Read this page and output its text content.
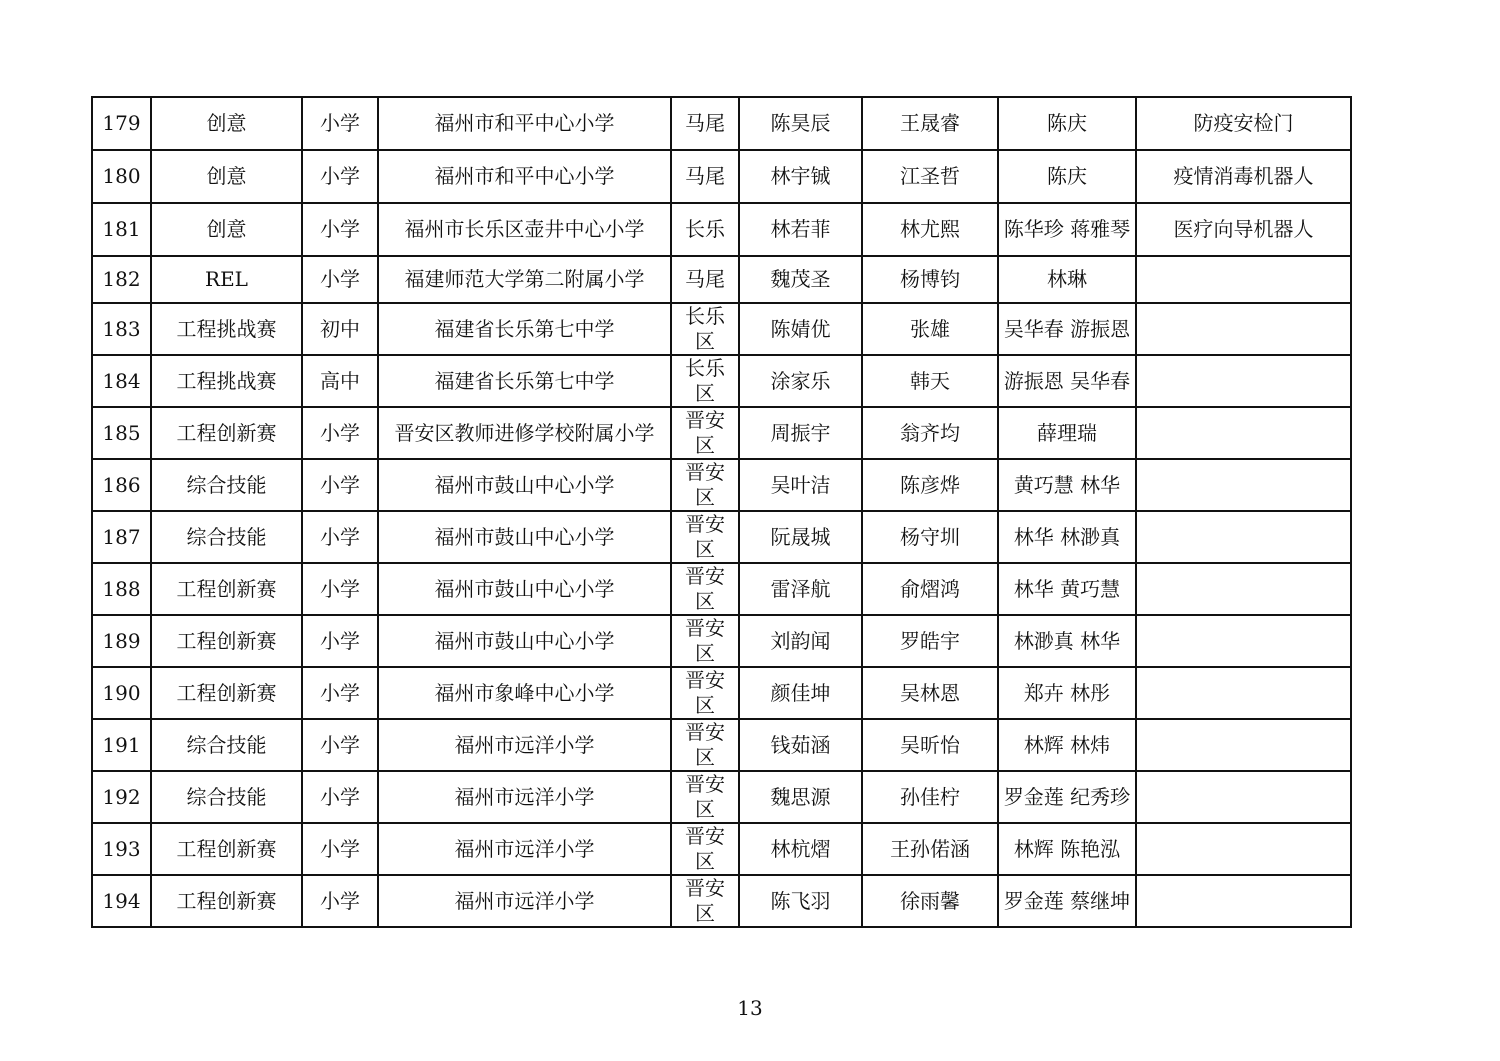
179	创意	小学	福州市和平中心小学	马尾	陈昊辰	王晟睿	陈庆	防疫安检门
180	创意	小学	福州市和平中心小学	马尾	林宇铖	江圣哲	陈庆	疫情消毒机器人
181	创意	小学	福州市长乐区壶井中心小学	长乐	林若菲	林尤熙	陈华珍 蒋雅琴	医疗向导机器人
182	REL	小学	福建师范大学第二附属小学	马尾	魏茂圣	杨博钧	林琳	
183	工程挑战赛	初中	福建省长乐第七中学	长乐区	陈婧优	张雄	吴华春 游振恩	
184	工程挑战赛	高中	福建省长乐第七中学	长乐区	涂家乐	韩天	游振恩 吴华春	
185	工程创新赛	小学	晋安区教师进修学校附属小学	晋安区	周振宇	翁齐均	薛理瑞	
186	综合技能	小学	福州市鼓山中心小学	晋安区	吴叶洁	陈彦烨	黄巧慧 林华	
187	综合技能	小学	福州市鼓山中心小学	晋安区	阮晟城	杨守圳	林华 林渺真	
188	工程创新赛	小学	福州市鼓山中心小学	晋安区	雷泽航	俞熠鸿	林华 黄巧慧	
189	工程创新赛	小学	福州市鼓山中心小学	晋安区	刘韵闻	罗皓宇	林渺真 林华	
190	工程创新赛	小学	福州市象峰中心小学	晋安区	颜佳坤	吴林恩	郑卉 林彤	
191	综合技能	小学	福州市远洋小学	晋安区	钱茹涵	吴昕怡	林辉 林炜	
192	综合技能	小学	福州市远洋小学	晋安区	魏思源	孙佳柠	罗金莲 纪秀珍	
193	工程创新赛	小学	福州市远洋小学	晋安区	林杭熠	王孙偌涵	林辉 陈艳泓	
194	工程创新赛	小学	福州市远洋小学	晋安区	陈飞羽	徐雨馨	罗金莲 蔡继坤	
13
